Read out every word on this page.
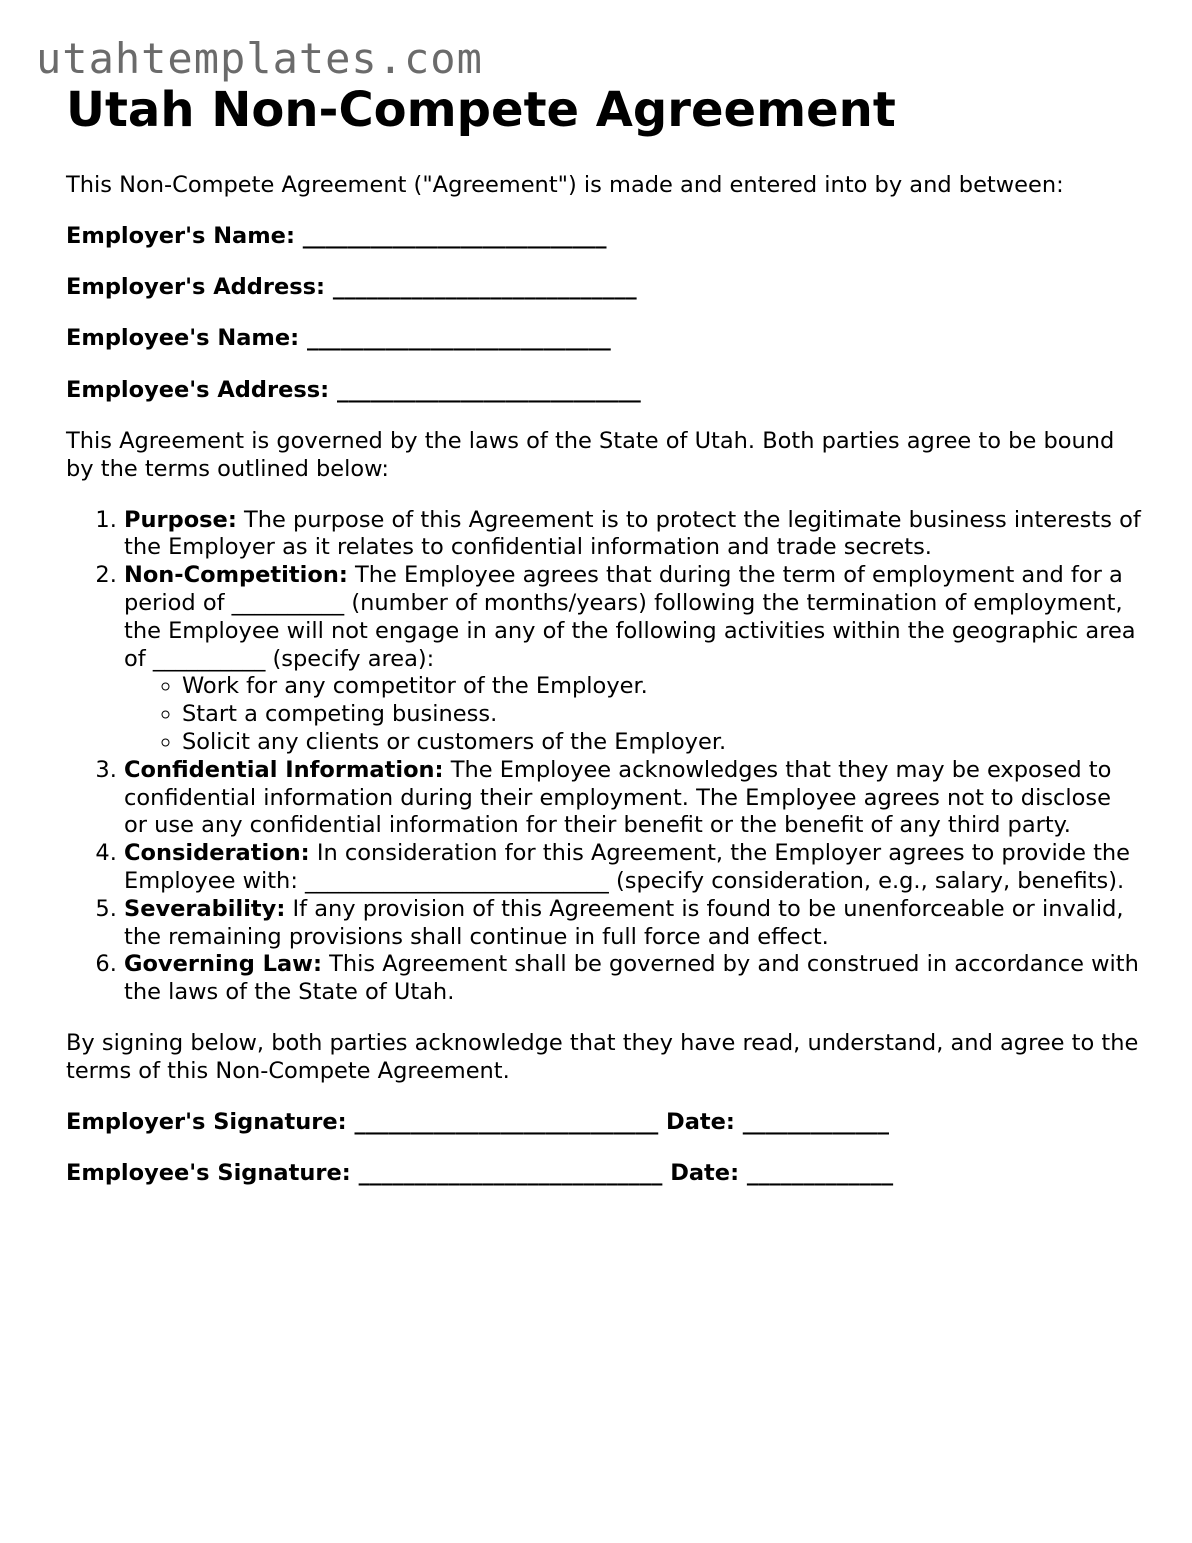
utahtemplates.com
Utah Non-Compete Agreement

This Non-Compete Agreement ("Agreement") is made and entered into by and between:

Employer's Name: ___________________________

Employer's Address: ___________________________

Employee's Name: ___________________________

Employee's Address: ___________________________

This Agreement is governed by the laws of the State of Utah. Both parties agree to be bound by the terms outlined below:

1. Purpose: The purpose of this Agreement is to protect the legitimate business interests of the Employer as it relates to confidential information and trade secrets.
2. Non-Competition: The Employee agrees that during the term of employment and for a period of __________ (number of months/years) following the termination of employment, the Employee will not engage in any of the following activities within the geographic area of __________ (specify area):
◦ Work for any competitor of the Employer.
◦ Start a competing business.
◦ Solicit any clients or customers of the Employer.
3. Confidential Information: The Employee acknowledges that they may be exposed to confidential information during their employment. The Employee agrees not to disclose or use any confidential information for their benefit or the benefit of any third party.
4. Consideration: In consideration for this Agreement, the Employer agrees to provide the Employee with: ___________________________ (specify consideration, e.g., salary, benefits).
5. Severability: If any provision of this Agreement is found to be unenforceable or invalid, the remaining provisions shall continue in full force and effect.
6. Governing Law: This Agreement shall be governed by and construed in accordance with the laws of the State of Utah.

By signing below, both parties acknowledge that they have read, understand, and agree to the terms of this Non-Compete Agreement.

Employer's Signature: ___________________________ Date: _____________

Employee's Signature: ___________________________ Date: _____________
